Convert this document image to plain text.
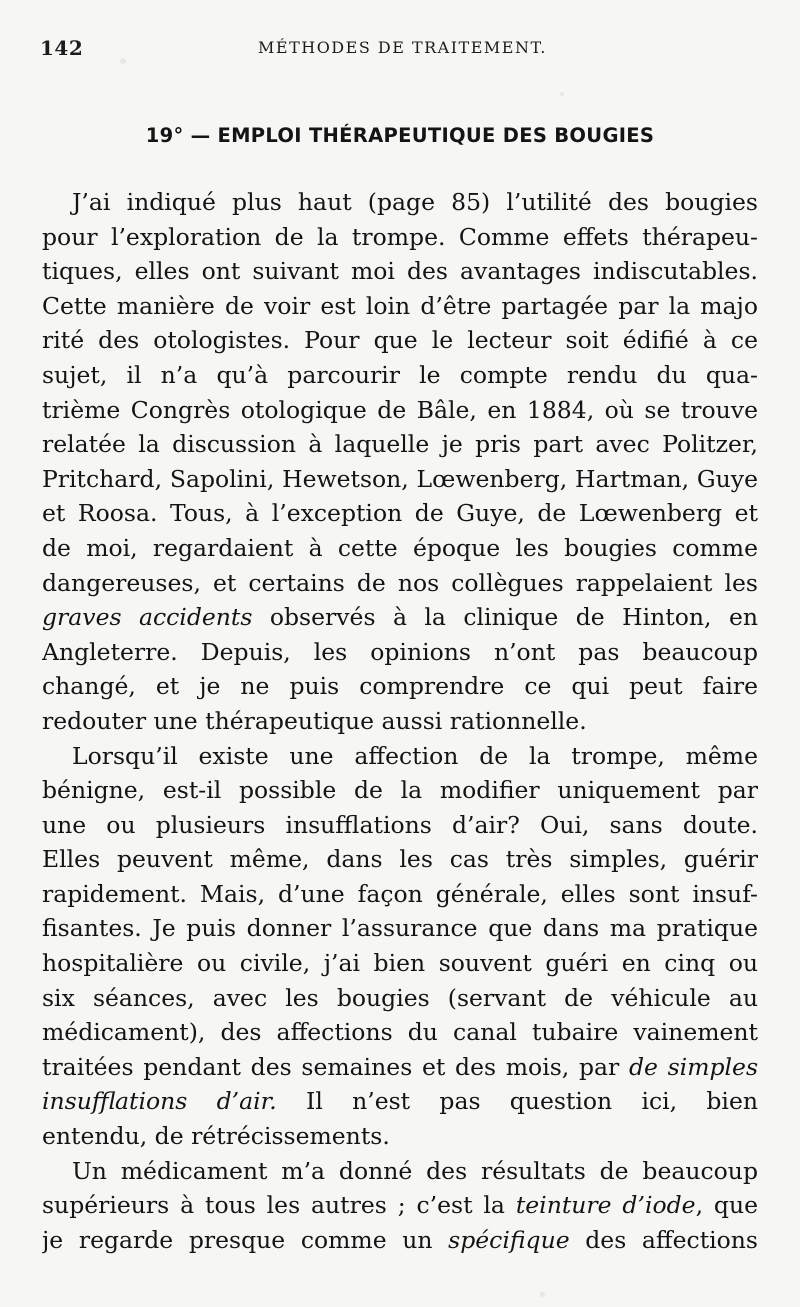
142	MÉTHODES DE TRAITEMENT.
19° — EMPLOI THÉRAPEUTIQUE DES BOUGIES
J’ai indiqué plus haut (page 85) l’utilité des bougies
pour l’exploration de la trompe. Comme effets thérapeu-
tiques, elles ont suivant moi des avantages indiscutables.
Cette manière de voir est loin d’être partagée par la majo
rité des otologistes. Pour que le lecteur soit édifié à ce
sujet, il n’a qu’à parcourir le compte rendu du qua-
trième Congrès otologique de Bâle, en 1884, où se trouve
relatée la discussion à laquelle je pris part avec Politzer,
Pritchard, Sapolini, Hewetson, Lœwenberg, Hartman, Guye
et Roosa. Tous, à l’exception de Guye, de Lœwenberg et
de moi, regardaient à cette époque les bougies comme
dangereuses, et certains de nos collègues rappelaient les
graves accidents observés à la clinique de Hinton, en
Angleterre. Depuis, les opinions n’ont pas beaucoup
changé, et je ne puis comprendre ce qui peut faire
redouter une thérapeutique aussi rationnelle.
Lorsqu’il existe une affection de la trompe, même
bénigne, est-il possible de la modifier uniquement par
une ou plusieurs insufflations d’air? Oui, sans doute.
Elles peuvent même, dans les cas très simples, guérir
rapidement. Mais, d’une façon générale, elles sont insuf-
fisantes. Je puis donner l’assurance que dans ma pratique
hospitalière ou civile, j’ai bien souvent guéri en cinq ou
six séances, avec les bougies (servant de véhicule au
médicament), des affections du canal tubaire vainement
traitées pendant des semaines et des mois, par de simples
insufflations d’air. Il n’est pas question ici, bien
entendu, de rétrécissements.
Un médicament m’a donné des résultats de beaucoup
supérieurs à tous les autres ; c’est la teinture d’iode, que
je regarde presque comme un spécifique des affections
